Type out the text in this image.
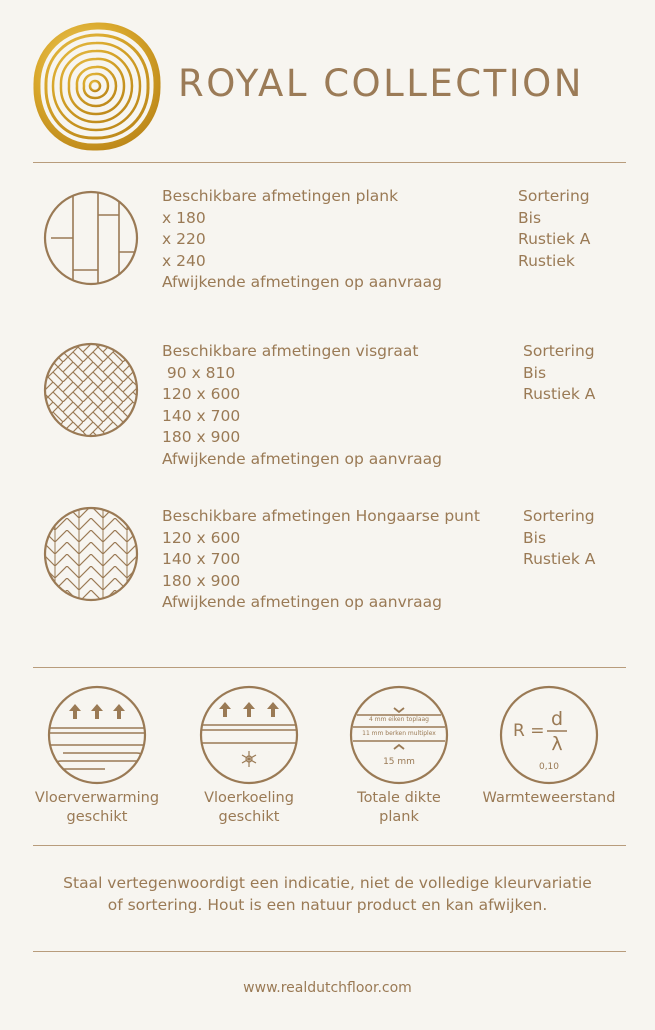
ROYAL COLLECTION
Beschikbare afmetingen plank
x 180
x 220
x 240
Afwijkende afmetingen op aanvraag
Sortering
Bis
Rustiek A
Rustiek
Beschikbare afmetingen visgraat
90 x 810
120 x 600
140 x 700
180 x 900
Afwijkende afmetingen op aanvraag
Sortering
Bis
Rustiek A
Beschikbare afmetingen Hongaarse punt
120 x 600
140 x 700
180 x 900
Afwijkende afmetingen op aanvraag
Sortering
Bis
Rustiek A
Vloerverwarming
geschikt
Vloerkoeling
geschikt
4 mm eiken toplaag
11 mm berken multiplex
15 mm
Totale dikte
plank
R =
d
λ
0,10
Warmteweerstand
Staal vertegenwoordigt een indicatie, niet de volledige kleurvariatie
of sortering. Hout is een natuur product en kan afwijken.
www.realdutchfloor.com
